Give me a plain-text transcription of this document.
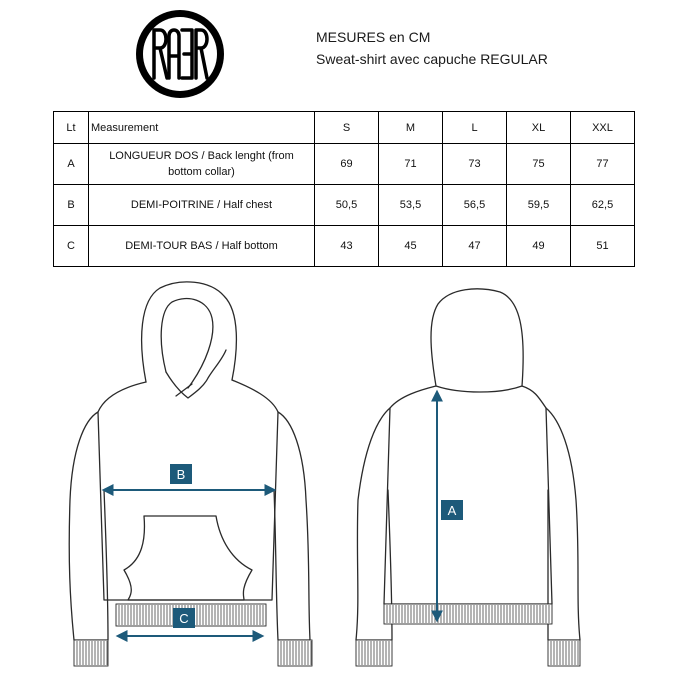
MESURES en CM
Sweat-shirt avec capuche REGULAR
Lt	Measurement	S	M	L	XL	XXL
A	LONGUEUR DOS / Back lenght (from bottom collar)	69	71	73	75	77
B	DEMI-POITRINE / Half chest	50,5	53,5	56,5	59,5	62,5
C	DEMI-TOUR BAS / Half bottom	43	45	47	49	51
B
C
A
